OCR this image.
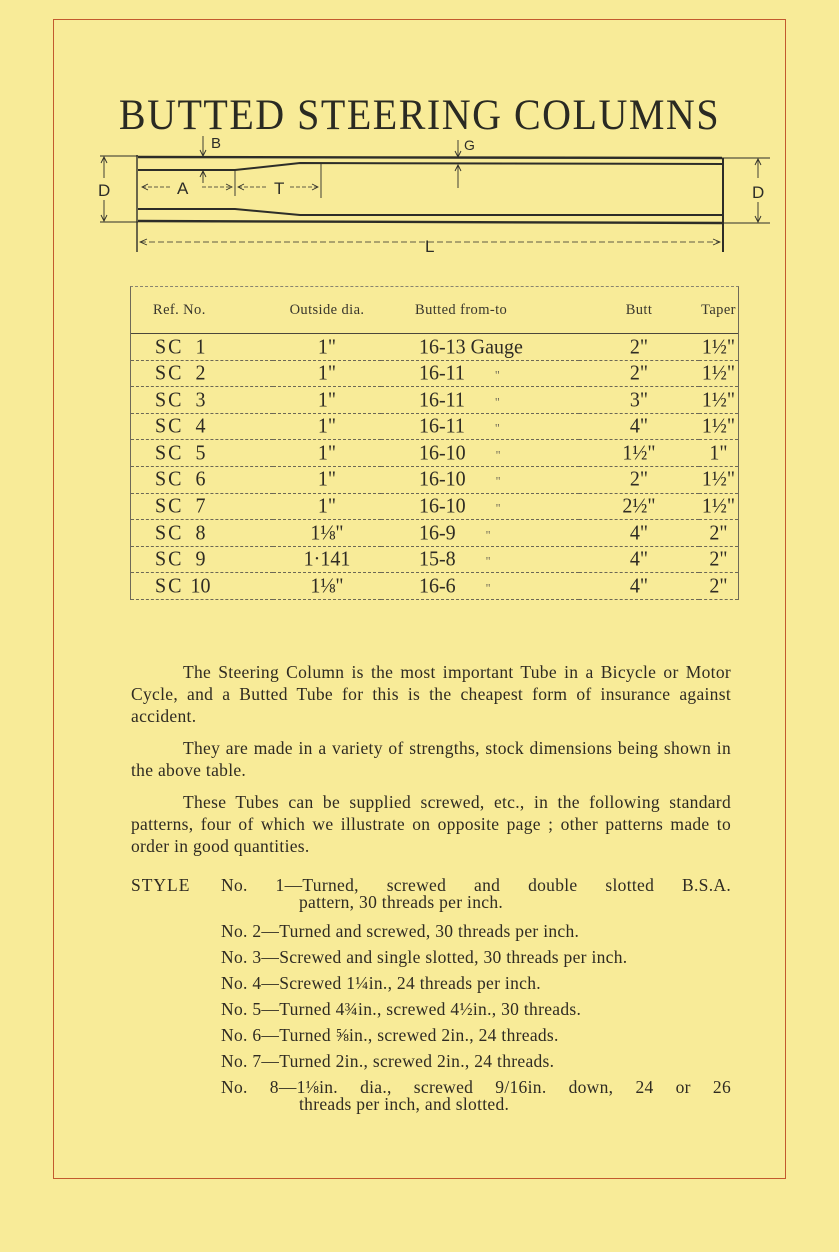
BUTTED STEERING COLUMNS
B	G
D	D
A	T
L
Ref. No.	Outside dia.	Butted from-to	Butt	Taper
SC 1	1"	16-13 Gauge	2"	1½"
SC 2	1"	16-11 "	2"	1½"
SC 3	1"	16-11 "	3"	1½"
SC 4	1"	16-11 "	4"	1½"
SC 5	1"	16-10 "	1½"	1"
SC 6	1"	16-10 "	2"	1½"
SC 7	1"	16-10 "	2½"	1½"
SC 8	1⅛"	16-9 "	4"	2"
SC 9	1·141	15-8 "	4"	2"
SC 10	1⅛"	16-6 "	4"	2"

The Steering Column is the most important Tube in a Bicycle or Motor Cycle, and a Butted Tube for this is the cheapest form of insurance against accident.

They are made in a variety of strengths, stock dimensions being shown in the above table.

These Tubes can be supplied screwed, etc., in the following standard patterns, four of which we illustrate on opposite page ; other patterns made to order in good quantities.

STYLE	No. 1—Turned, screwed and double slotted B.S.A.
pattern, 30 threads per inch.
No. 2—Turned and screwed, 30 threads per inch.
No. 3—Screwed and single slotted, 30 threads per inch.
No. 4—Screwed 1¼in., 24 threads per inch.
No. 5—Turned 4¾in., screwed 4½in., 30 threads.
No. 6—Turned ⅝in., screwed 2in., 24 threads.
No. 7—Turned 2in., screwed 2in., 24 threads.
No. 8—1⅛in. dia., screwed 9/16in. down, 24 or 26
threads per inch, and slotted.
